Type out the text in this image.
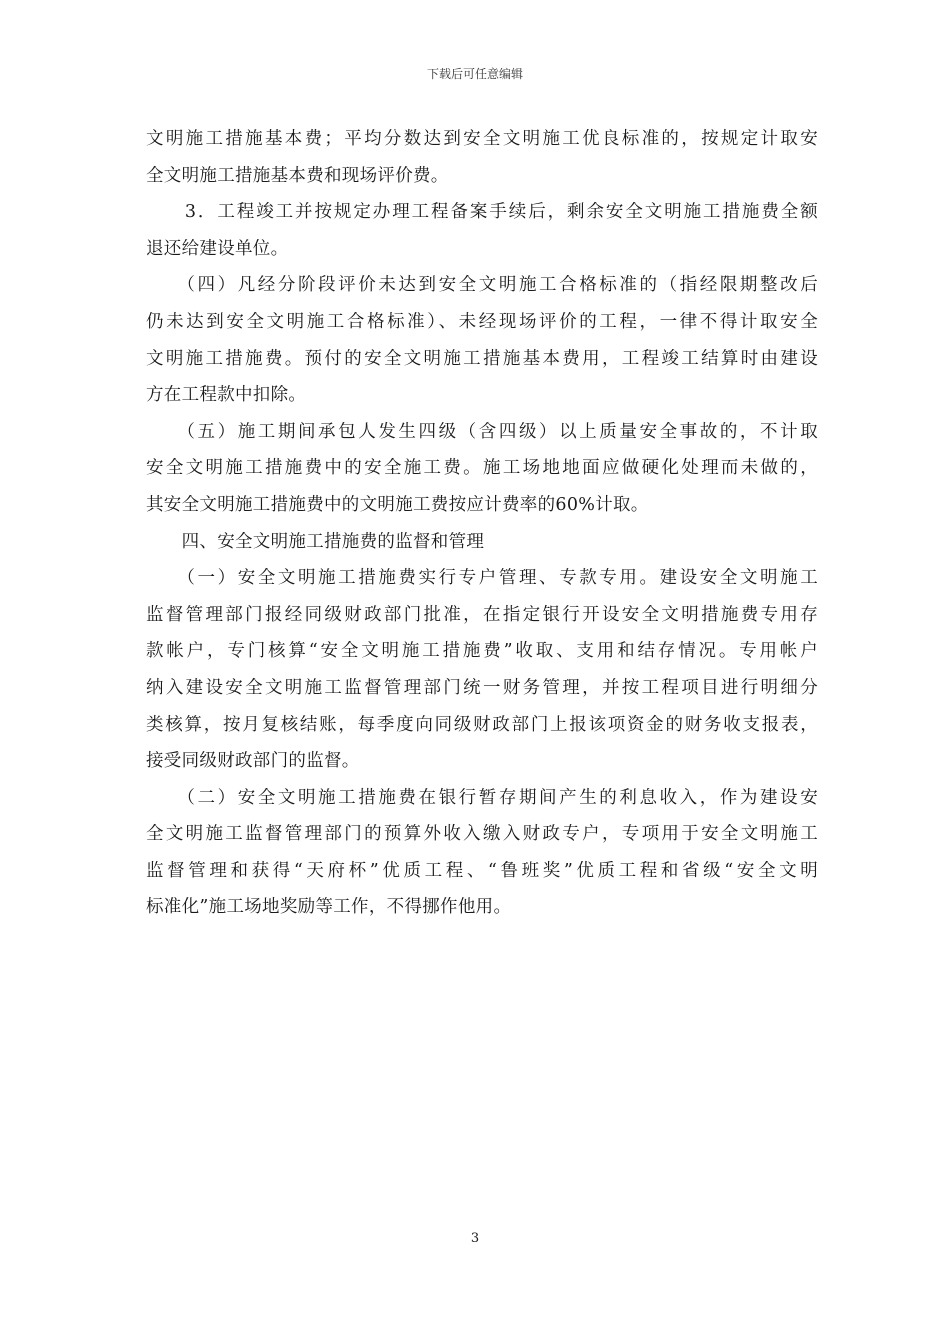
下载后可任意编辑
文明施工措施基本费；平均分数达到安全文明施工优良标准的，按规定计取安
全文明施工措施基本费和现场评价费。
　　3．工程竣工并按规定办理工程备案手续后，剩余安全文明施工措施费全额
退还给建设单位。
　　（四）凡经分阶段评价未达到安全文明施工合格标准的（指经限期整改后
仍未达到安全文明施工合格标准）、未经现场评价的工程，一律不得计取安全
文明施工措施费。预付的安全文明施工措施基本费用，工程竣工结算时由建设
方在工程款中扣除。
　　（五）施工期间承包人发生四级（含四级）以上质量安全事故的，不计取
安全文明施工措施费中的安全施工费。施工场地地面应做硬化处理而未做的，
其安全文明施工措施费中的文明施工费按应计费率的60%计取。
　　四、安全文明施工措施费的监督和管理
　　（一）安全文明施工措施费实行专户管理、专款专用。建设安全文明施工
监督管理部门报经同级财政部门批准，在指定银行开设安全文明措施费专用存
款帐户，专门核算“安全文明施工措施费”收取、支用和结存情况。专用帐户
纳入建设安全文明施工监督管理部门统一财务管理，并按工程项目进行明细分
类核算，按月复核结账，每季度向同级财政部门上报该项资金的财务收支报表，
接受同级财政部门的监督。
　　（二）安全文明施工措施费在银行暂存期间产生的利息收入，作为建设安
全文明施工监督管理部门的预算外收入缴入财政专户，专项用于安全文明施工
监督管理和获得“天府杯”优质工程、“鲁班奖”优质工程和省级“安全文明
标准化”施工场地奖励等工作，不得挪作他用。
3
